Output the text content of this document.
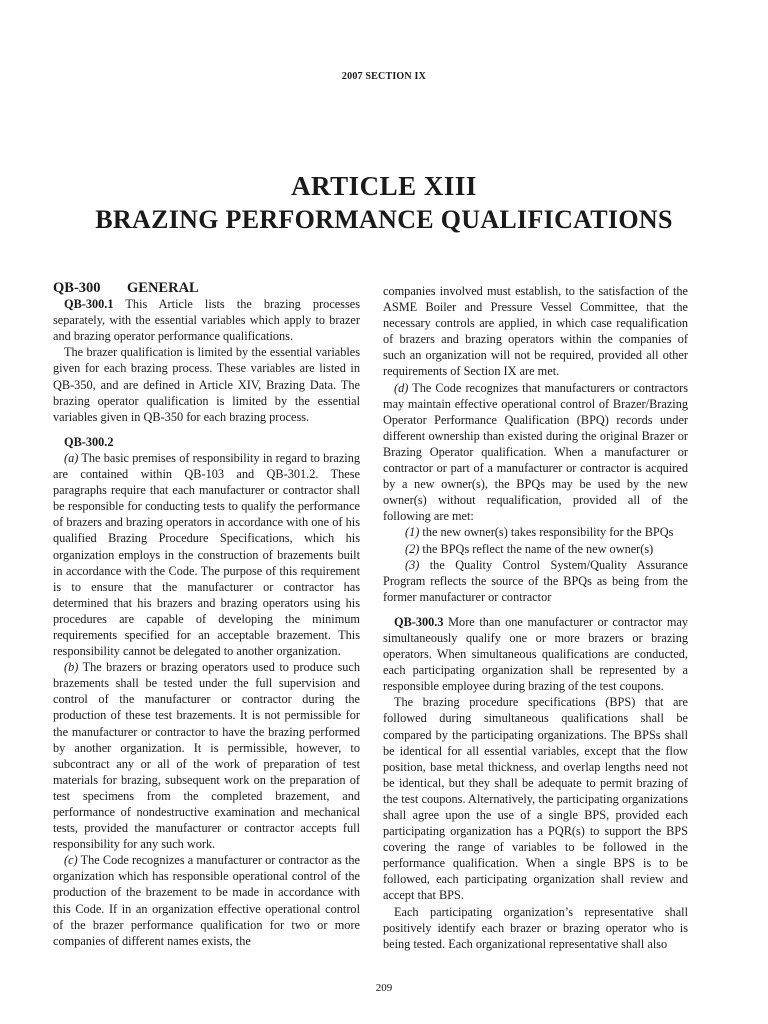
2007 SECTION IX
ARTICLE XIII
BRAZING PERFORMANCE QUALIFICATIONS

QB-300 GENERAL

QB-300.1 This Article lists the brazing processes separately, with the essential variables which apply to brazer and brazing operator performance qualifications.

The brazer qualification is limited by the essential variables given for each brazing process. These variables are listed in QB-350, and are defined in Article XIV, Brazing Data. The brazing operator qualification is limited by the essential variables given in QB-350 for each brazing process.

QB-300.2

(a) The basic premises of responsibility in regard to brazing are contained within QB-103 and QB-301.2. These paragraphs require that each manufacturer or contractor shall be responsible for conducting tests to qualify the performance of brazers and brazing operators in accordance with one of his qualified Brazing Procedure Specifications, which his organization employs in the construction of brazements built in accordance with the Code. The purpose of this requirement is to ensure that the manufacturer or contractor has determined that his brazers and brazing operators using his procedures are capable of developing the minimum requirements specified for an acceptable brazement. This responsibility cannot be delegated to another organization.

(b) The brazers or brazing operators used to produce such brazements shall be tested under the full supervision and control of the manufacturer or contractor during the production of these test brazements. It is not permissible for the manufacturer or contractor to have the brazing performed by another organization. It is permissible, however, to subcontract any or all of the work of preparation of test materials for brazing, subsequent work on the preparation of test specimens from the completed brazement, and performance of nondestructive examination and mechanical tests, provided the manufacturer or contractor accepts full responsibility for any such work.

(c) The Code recognizes a manufacturer or contractor as the organization which has responsible operational control of the production of the brazement to be made in accordance with this Code. If in an organization effective operational control of the brazer performance qualification for two or more companies of different names exists, the

companies involved must establish, to the satisfaction of the ASME Boiler and Pressure Vessel Committee, that the necessary controls are applied, in which case requalification of brazers and brazing operators within the companies of such an organization will not be required, provided all other requirements of Section IX are met.

(d) The Code recognizes that manufacturers or contractors may maintain effective operational control of Brazer/Brazing Operator Performance Qualification (BPQ) records under different ownership than existed during the original Brazer or Brazing Operator qualification. When a manufacturer or contractor or part of a manufacturer or contractor is acquired by a new owner(s), the BPQs may be used by the new owner(s) without requalification, provided all of the following are met:

(1) the new owner(s) takes responsibility for the BPQs

(2) the BPQs reflect the name of the new owner(s)

(3) the Quality Control System/Quality Assurance Program reflects the source of the BPQs as being from the former manufacturer or contractor

QB-300.3 More than one manufacturer or contractor may simultaneously qualify one or more brazers or brazing operators. When simultaneous qualifications are conducted, each participating organization shall be represented by a responsible employee during brazing of the test coupons.

The brazing procedure specifications (BPS) that are followed during simultaneous qualifications shall be compared by the participating organizations. The BPSs shall be identical for all essential variables, except that the flow position, base metal thickness, and overlap lengths need not be identical, but they shall be adequate to permit brazing of the test coupons. Alternatively, the participating organizations shall agree upon the use of a single BPS, provided each participating organization has a PQR(s) to support the BPS covering the range of variables to be followed in the performance qualification. When a single BPS is to be followed, each participating organization shall review and accept that BPS.

Each participating organization’s representative shall positively identify each brazer or brazing operator who is being tested. Each organizational representative shall also

209
